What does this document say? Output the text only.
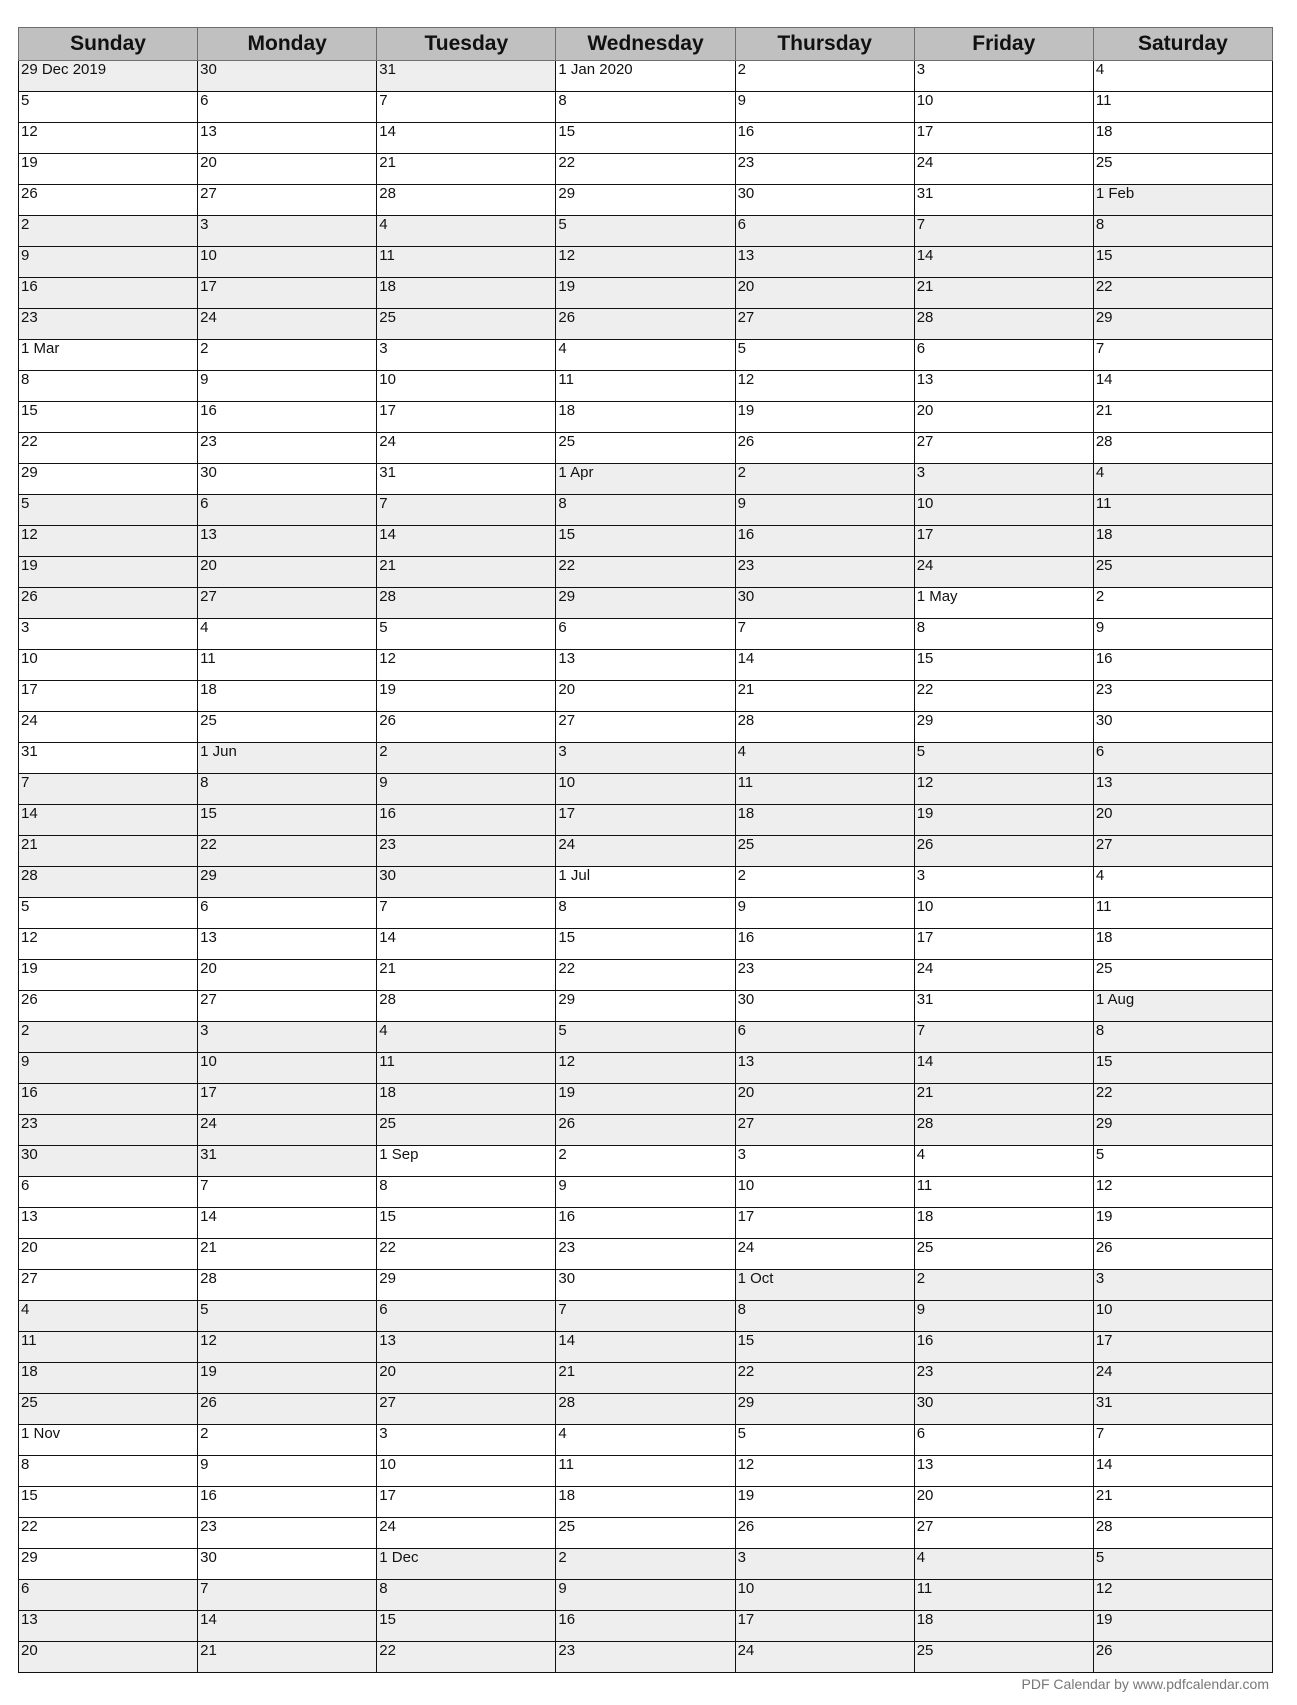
Sunday	Monday	Tuesday	Wednesday	Thursday	Friday	Saturday
29 Dec 2019	30	31	1 Jan 2020	2	3	4
5	6	7	8	9	10	11
12	13	14	15	16	17	18
19	20	21	22	23	24	25
26	27	28	29	30	31	1 Feb
2	3	4	5	6	7	8
9	10	11	12	13	14	15
16	17	18	19	20	21	22
23	24	25	26	27	28	29
1 Mar	2	3	4	5	6	7
8	9	10	11	12	13	14
15	16	17	18	19	20	21
22	23	24	25	26	27	28
29	30	31	1 Apr	2	3	4
5	6	7	8	9	10	11
12	13	14	15	16	17	18
19	20	21	22	23	24	25
26	27	28	29	30	1 May	2
3	4	5	6	7	8	9
10	11	12	13	14	15	16
17	18	19	20	21	22	23
24	25	26	27	28	29	30
31	1 Jun	2	3	4	5	6
7	8	9	10	11	12	13
14	15	16	17	18	19	20
21	22	23	24	25	26	27
28	29	30	1 Jul	2	3	4
5	6	7	8	9	10	11
12	13	14	15	16	17	18
19	20	21	22	23	24	25
26	27	28	29	30	31	1 Aug
2	3	4	5	6	7	8
9	10	11	12	13	14	15
16	17	18	19	20	21	22
23	24	25	26	27	28	29
30	31	1 Sep	2	3	4	5
6	7	8	9	10	11	12
13	14	15	16	17	18	19
20	21	22	23	24	25	26
27	28	29	30	1 Oct	2	3
4	5	6	7	8	9	10
11	12	13	14	15	16	17
18	19	20	21	22	23	24
25	26	27	28	29	30	31
1 Nov	2	3	4	5	6	7
8	9	10	11	12	13	14
15	16	17	18	19	20	21
22	23	24	25	26	27	28
29	30	1 Dec	2	3	4	5
6	7	8	9	10	11	12
13	14	15	16	17	18	19
20	21	22	23	24	25	26
PDF Calendar by www.pdfcalendar.com
